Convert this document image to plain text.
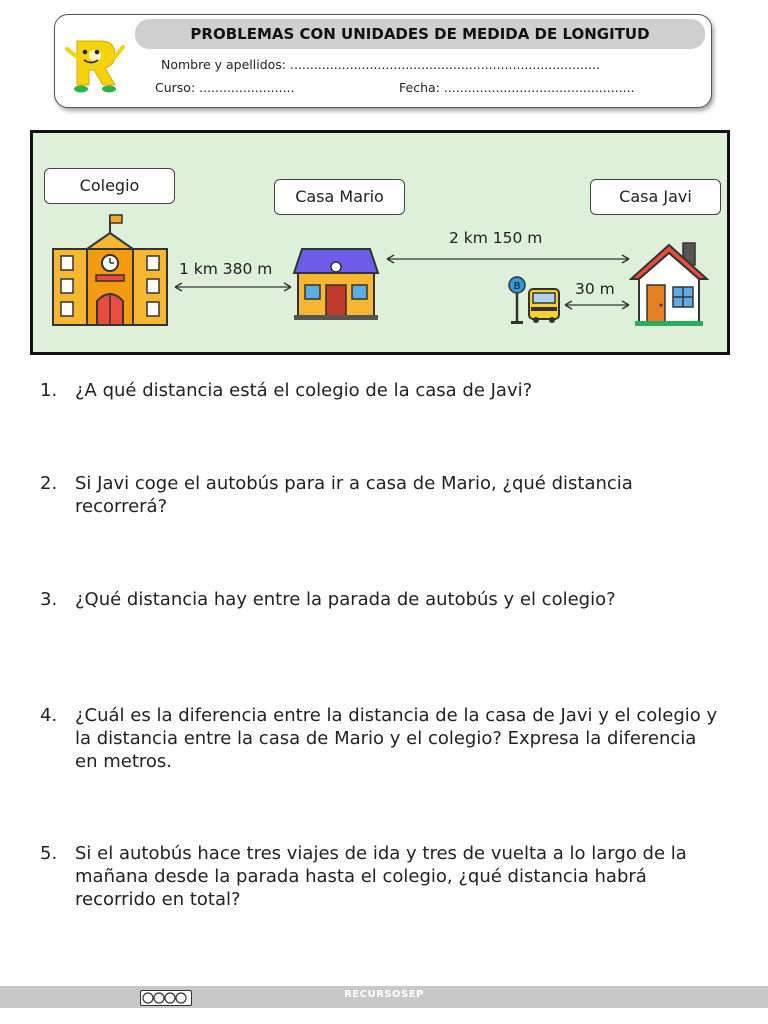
PROBLEMAS CON UNIDADES DE MEDIDA DE LONGITUD
Nombre y apellidos: ..............................................................................
Curso: ........................	Fecha: ................................................
Colegio
Casa Mario	Casa Javi
B
1 km 380 m
2 km 150 m
30 m
1. ¿A qué distancia está el colegio de la casa de Javi?
2. Si Javi coge el autobús para ir a casa de Mario, ¿qué distancia recorrerá?
3. ¿Qué distancia hay entre la parada de autobús y el colegio?
4. ¿Cuál es la diferencia entre la distancia de la casa de Javi y el colegio y la distancia entre la casa de Mario y el colegio? Expresa la diferencia en metros.
5. Si el autobús hace tres viajes de ida y tres de vuelta a lo largo de la mañana desde la parada hasta el colegio, ¿qué distancia habrá recorrido en total?
RECURSOSEP
